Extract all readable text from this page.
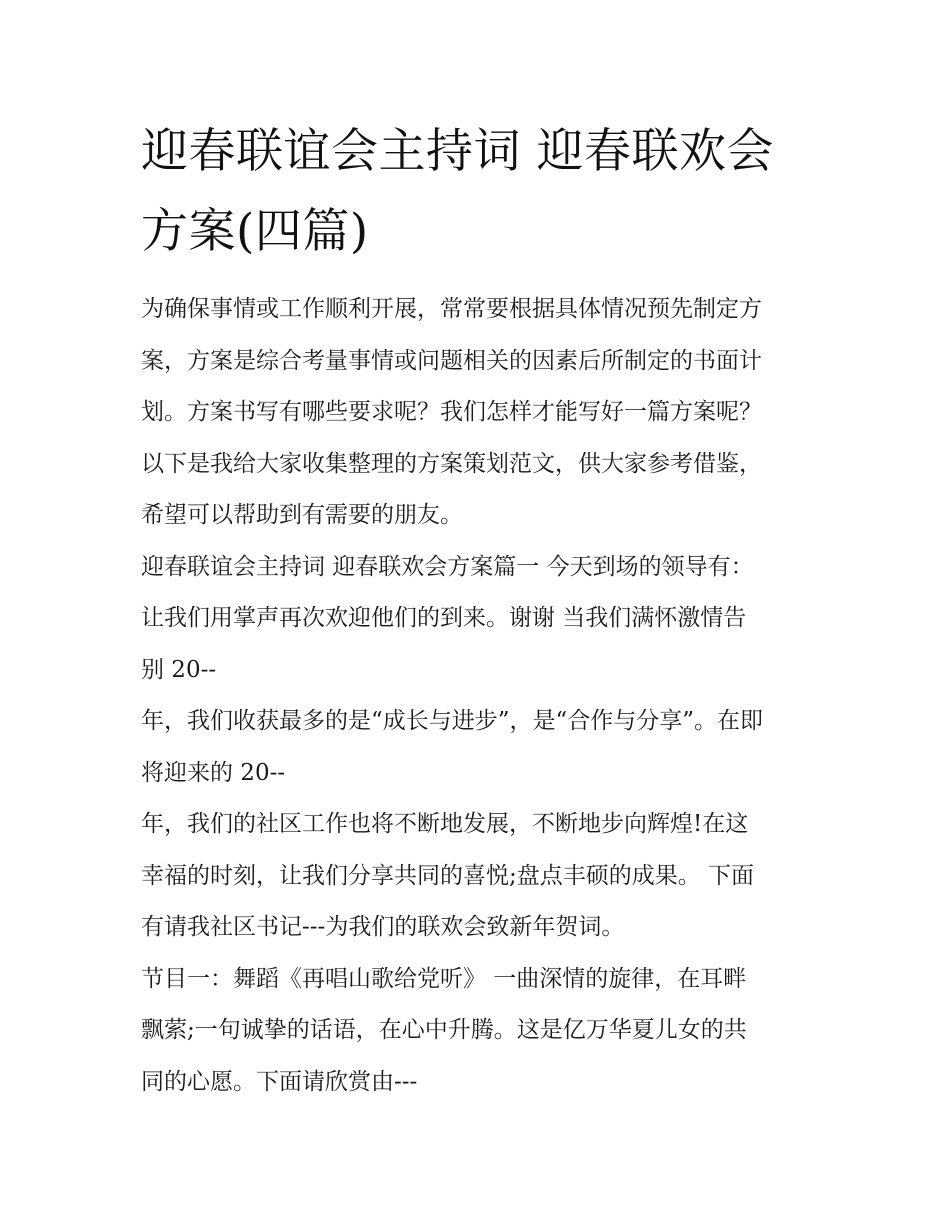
迎春联谊会主持词 迎春联欢会
方案(四篇)

为确保事情或工作顺利开展，常常要根据具体情况预先制定方
案，方案是综合考量事情或问题相关的因素后所制定的书面计
划。方案书写有哪些要求呢？我们怎样才能写好一篇方案呢？
以下是我给大家收集整理的方案策划范文，供大家参考借鉴，
希望可以帮助到有需要的朋友。

迎春联谊会主持词 迎春联欢会方案篇一 今天到场的领导有：
让我们用掌声再次欢迎他们的到来。谢谢 当我们满怀激情告
别 20--

年，我们收获最多的是“成长与进步”，是“合作与分享”。在即
将迎来的 20--

年，我们的社区工作也将不断地发展，不断地步向辉煌!在这
幸福的时刻，让我们分享共同的喜悦;盘点丰硕的成果。 下面
有请我社区书记---为我们的联欢会致新年贺词。

节目一：舞蹈《再唱山歌给党听》 一曲深情的旋律，在耳畔
飘萦;一句诚挚的话语，在心中升腾。这是亿万华夏儿女的共
同的心愿。下面请欣赏由---
